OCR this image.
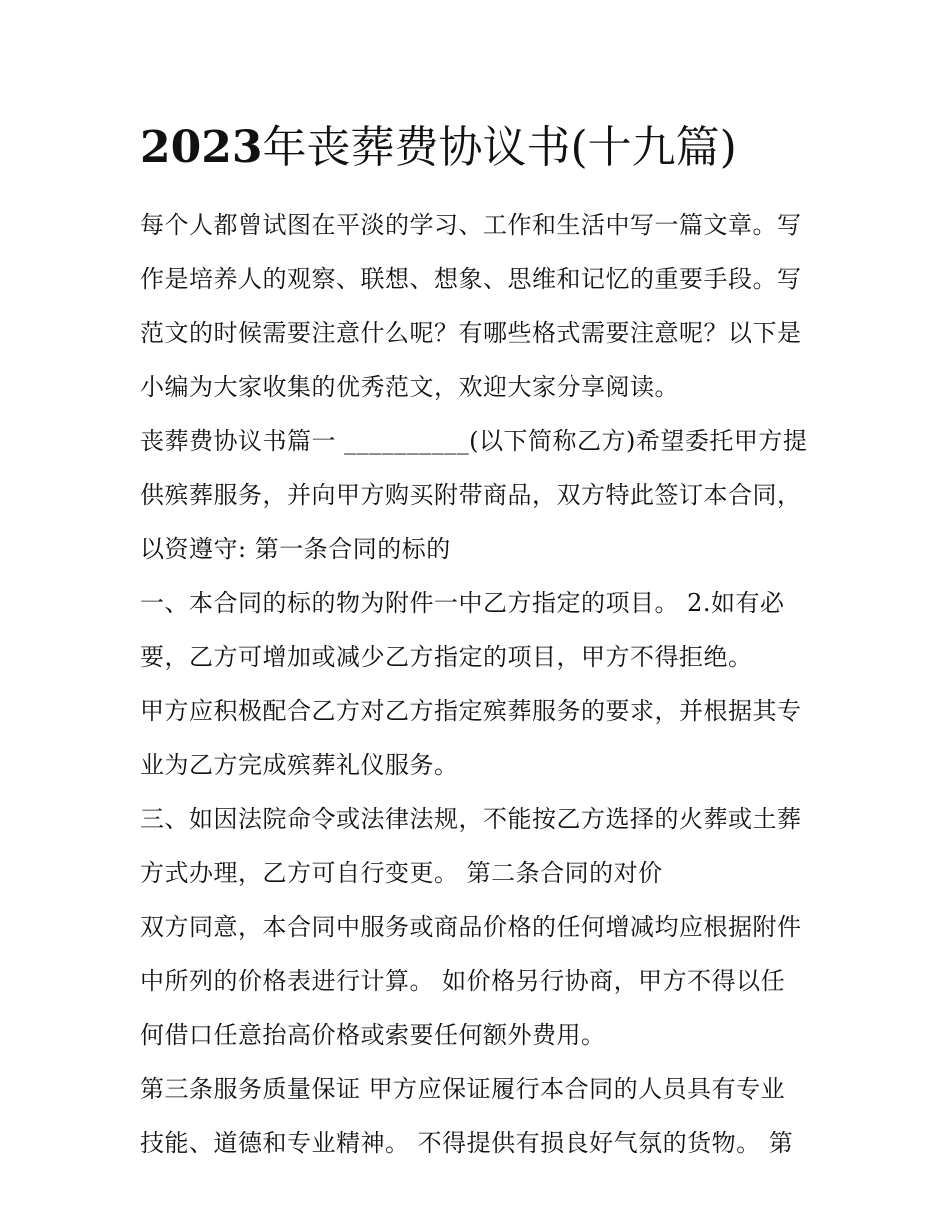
2023年丧葬费协议书(十九篇)
每个人都曾试图在平淡的学习、工作和生活中写一篇文章。写
作是培养人的观察、联想、想象、思维和记忆的重要手段。写
范文的时候需要注意什么呢？有哪些格式需要注意呢？以下是
小编为大家收集的优秀范文，欢迎大家分享阅读。
丧葬费协议书篇一 __________(以下简称乙方)希望委托甲方提
供殡葬服务，并向甲方购买附带商品，双方特此签订本合同，
以资遵守: 第一条合同的标的
一、本合同的标的物为附件一中乙方指定的项目。 2.如有必
要，乙方可增加或减少乙方指定的项目，甲方不得拒绝。
甲方应积极配合乙方对乙方指定殡葬服务的要求，并根据其专
业为乙方完成殡葬礼仪服务。
三、如因法院命令或法律法规，不能按乙方选择的火葬或土葬
方式办理，乙方可自行变更。 第二条合同的对价
双方同意，本合同中服务或商品价格的任何增减均应根据附件
中所列的价格表进行计算。 如价格另行协商，甲方不得以任
何借口任意抬高价格或索要任何额外费用。
第三条服务质量保证 甲方应保证履行本合同的人员具有专业
技能、道德和专业精神。 不得提供有损良好气氛的货物。 第
